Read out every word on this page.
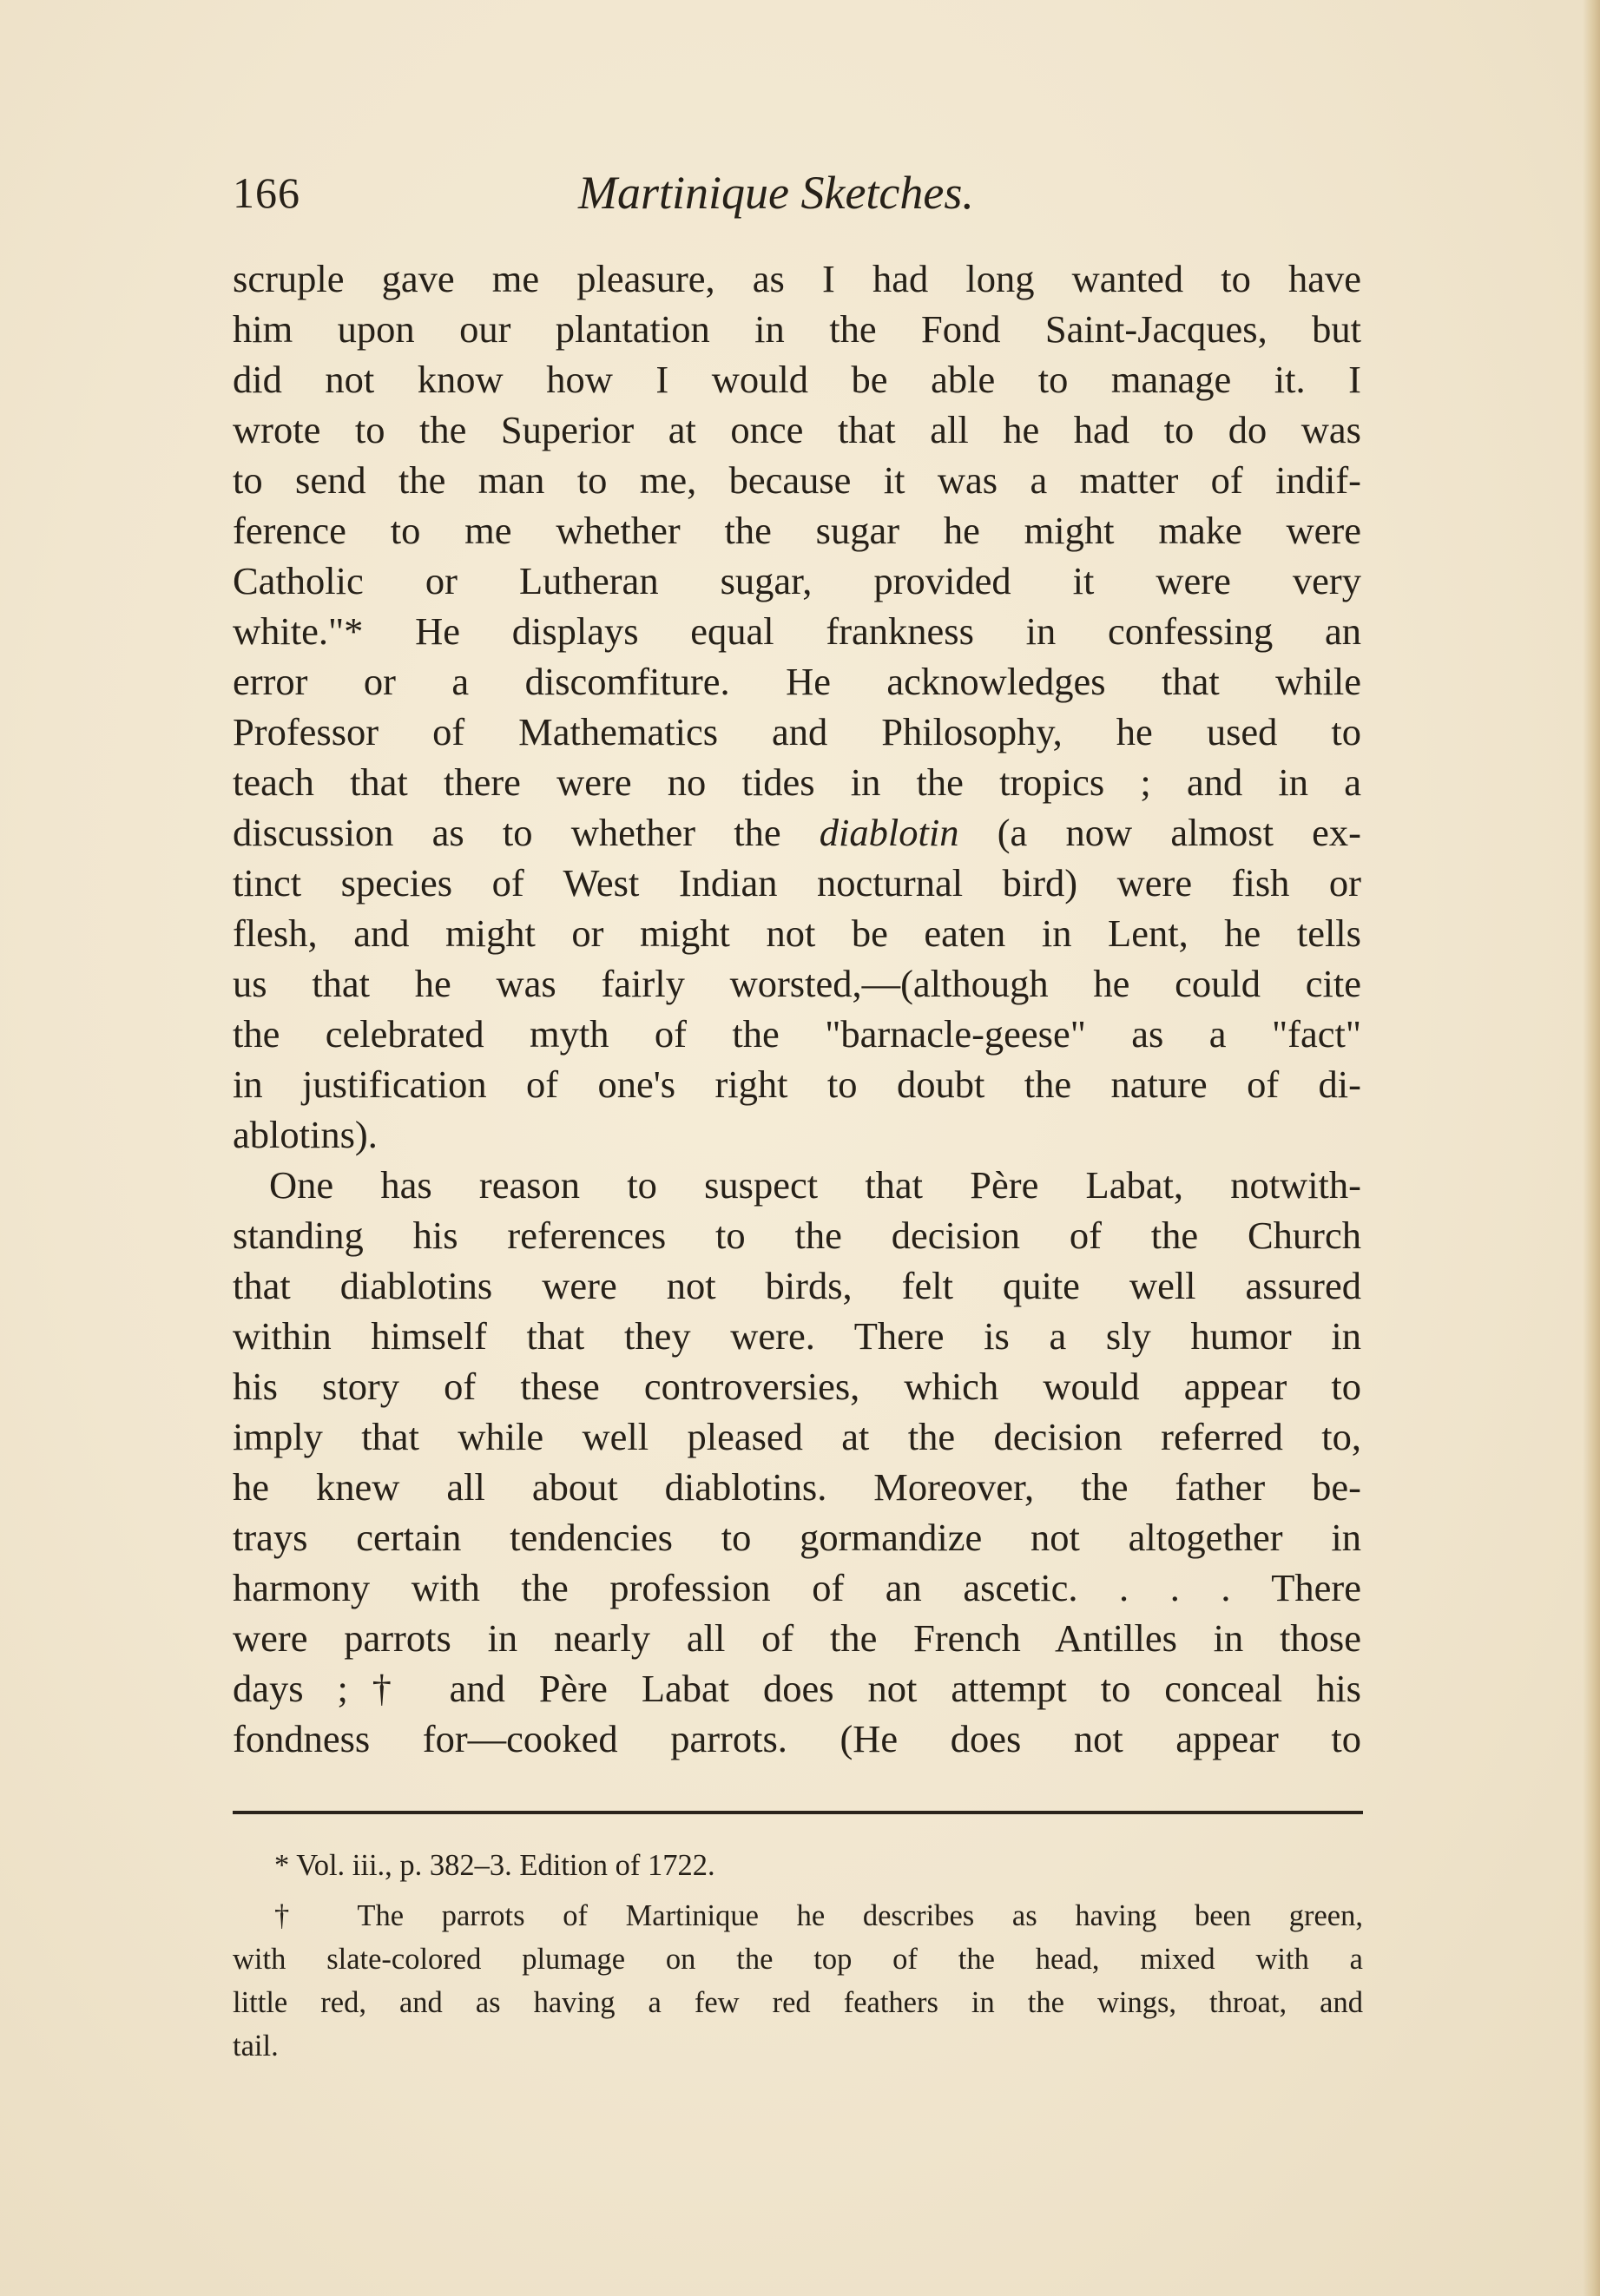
166	Martinique Sketches.
scruple gave me pleasure, as I had long wanted to have
him upon our plantation in the Fond Saint-Jacques, but
did not know how I would be able to manage it. I
wrote to the Superior at once that all he had to do was
to send the man to me, because it was a matter of indif-
ference to me whether the sugar he might make were
Catholic or Lutheran sugar, provided it were very
white."* He displays equal frankness in confessing an
error or a discomfiture. He acknowledges that while
Professor of Mathematics and Philosophy, he used to
teach that there were no tides in the tropics ; and in a
discussion as to whether the diablotin (a now almost ex-
tinct species of West Indian nocturnal bird) were fish or
flesh, and might or might not be eaten in Lent, he tells
us that he was fairly worsted,—(although he could cite
the celebrated myth of the "barnacle-geese" as a "fact"
in justification of one's right to doubt the nature of di-
ablotins).
One has reason to suspect that Père Labat, notwith-
standing his references to the decision of the Church
that diablotins were not birds, felt quite well assured
within himself that they were. There is a sly humor in
his story of these controversies, which would appear to
imply that while well pleased at the decision referred to,
he knew all about diablotins. Moreover, the father be-
trays certain tendencies to gormandize not altogether in
harmony with the profession of an ascetic. . . . There
were parrots in nearly all of the French Antilles in those
days ;† and Père Labat does not attempt to conceal his
fondness for—cooked parrots. (He does not appear to
* Vol. iii., p. 382–3. Edition of 1722.
† The parrots of Martinique he describes as having been green,
with slate-colored plumage on the top of the head, mixed with a
little red, and as having a few red feathers in the wings, throat, and
tail.
